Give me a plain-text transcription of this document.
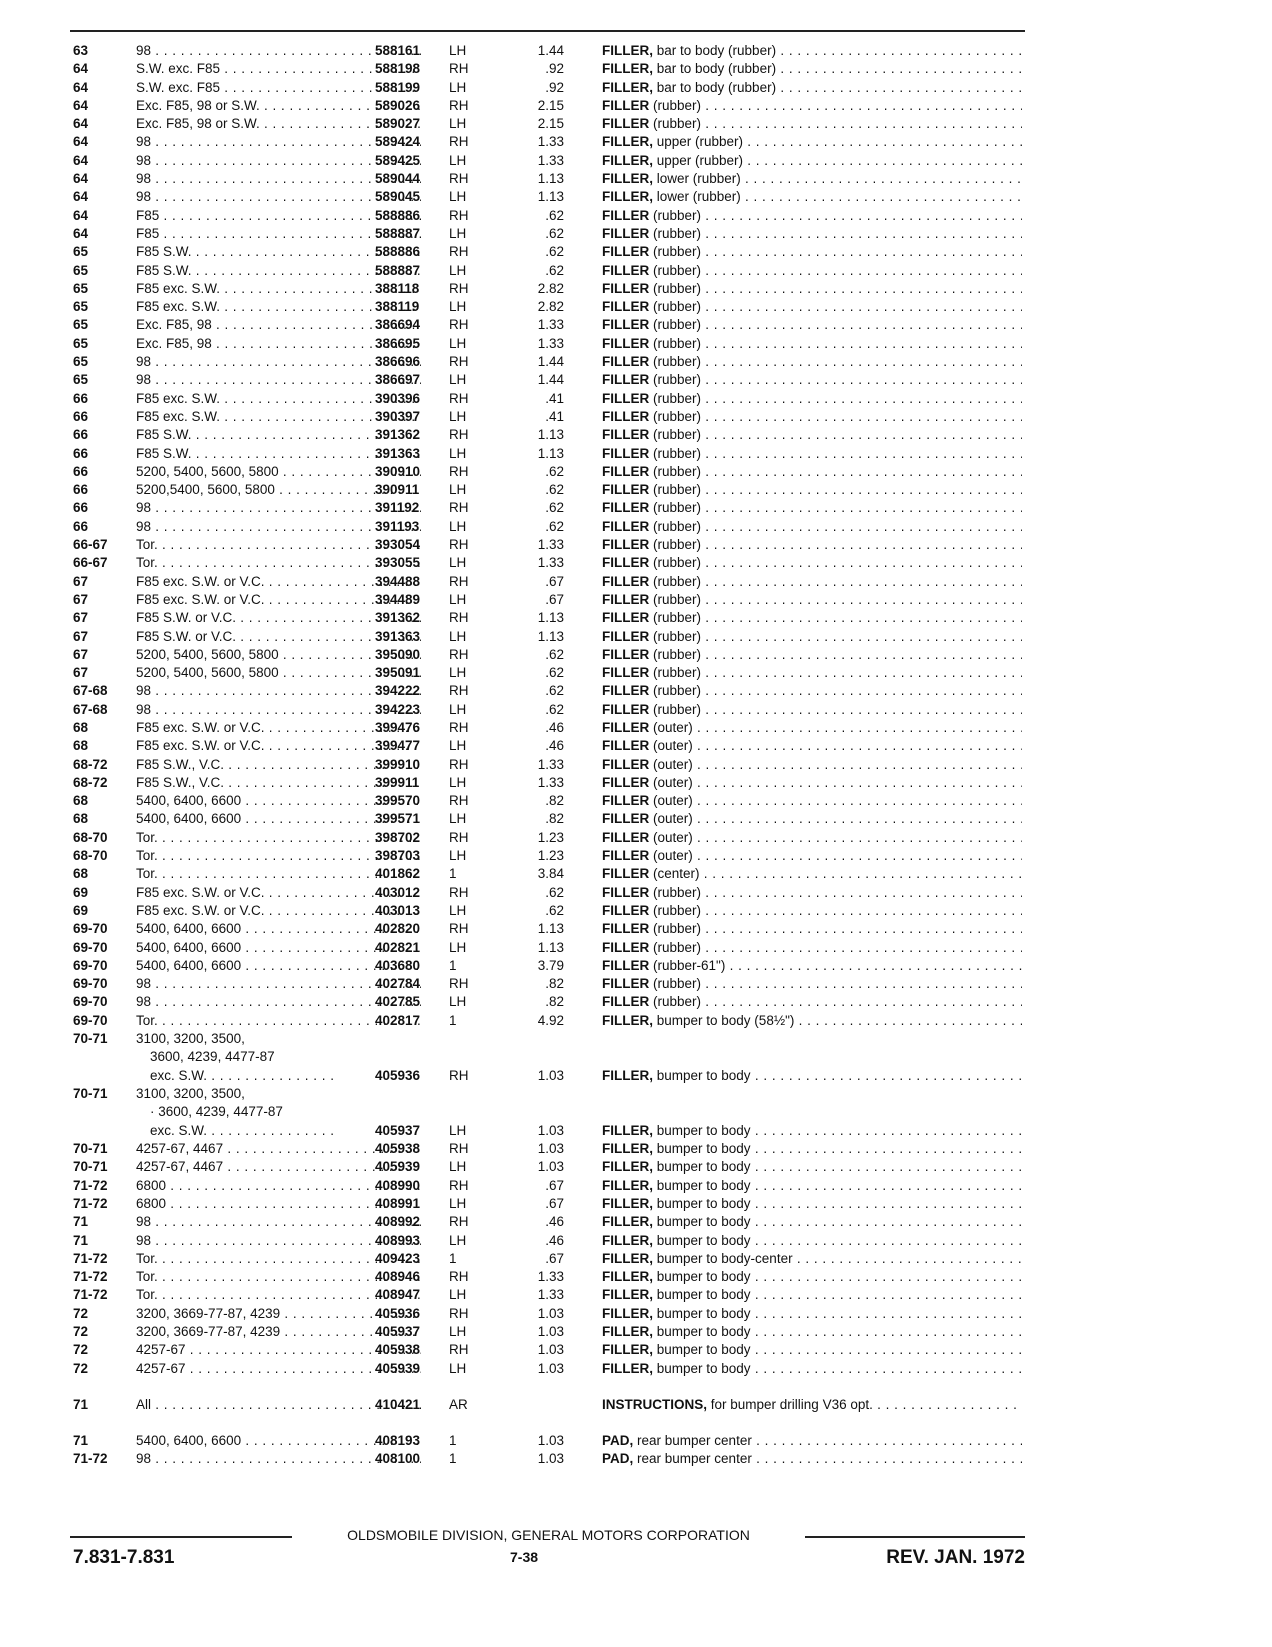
63	98 . . .	588161 LH	1.44	FILLER, bar to body (rubber) . . .
64	S.W. exc. F85 . . .	588198 RH	.92	FILLER, bar to body (rubber) . . .
64	S.W. exc. F85 . . .	588199 LH	.92	FILLER, bar to body (rubber) . . .
64	Exc. F85, 98 or S.W. . . .	589026 RH	2.15	FILLER (rubber) . . .
64	Exc. F85, 98 or S.W. . . .	589027 LH	2.15	FILLER (rubber) . . .
64	98 . . .	589424 RH	1.33	FILLER, upper (rubber) . . .
64	98 . . .	589425 LH	1.33	FILLER, upper (rubber) . . .
64	98 . . .	589044 RH	1.13	FILLER, lower (rubber) . . .
64	98 . . .	589045 LH	1.13	FILLER, lower (rubber) . . .
64	F85 . . .	588886 RH	.62	FILLER (rubber) . . .
64	F85 . . .	588887 LH	.62	FILLER (rubber) . . .
65	F85 S.W. . . .	588886 RH	.62	FILLER (rubber) . . .
65	F85 S.W. . . .	588887 LH	.62	FILLER (rubber) . . .
65	F85 exc. S.W. . . .	388118 RH	2.82	FILLER (rubber) . . .
65	F85 exc. S.W. . . .	388119 LH	2.82	FILLER (rubber) . . .
65	Exc. F85, 98 . . .	386694 RH	1.33	FILLER (rubber) . . .
65	Exc. F85, 98 . . .	386695 LH	1.33	FILLER (rubber) . . .
65	98 . . .	386696 RH	1.44	FILLER (rubber) . . .
65	98 . . .	386697 LH	1.44	FILLER (rubber) . . .
66	F85 exc. S.W. . . .	390396 RH	.41	FILLER (rubber) . . .
66	F85 exc. S.W. . . .	390397 LH	.41	FILLER (rubber) . . .
66	F85 S.W. . . .	391362 RH	1.13	FILLER (rubber) . . .
66	F85 S.W. . . .	391363 LH	1.13	FILLER (rubber) . . .
66	5200, 5400, 5600, 5800 . . .	390910 RH	.62	FILLER (rubber) . . .
66	5200,5400, 5600, 5800 . . .	390911 LH	.62	FILLER (rubber) . . .
66	98 . . .	391192 RH	.62	FILLER (rubber) . . .
66	98 . . .	391193 LH	.62	FILLER (rubber) . . .
66-67 Tor. . . .	393054 RH	1.33	FILLER (rubber) . . .
66-67 Tor. . . .	393055 LH	1.33	FILLER (rubber) . . .
67	F85 exc. S.W. or V.C. . . .	394488 RH	.67	FILLER (rubber) . . .
67	F85 exc. S.W. or V.C. . . .	394489 LH	.67	FILLER (rubber) . . .
67	F85 S.W. or V.C. . . .	391362 RH	1.13	FILLER (rubber) . . .
67	F85 S.W. or V.C. . . .	391363 LH	1.13	FILLER (rubber) . . .
67	5200, 5400, 5600, 5800 . . .	395090 RH	.62	FILLER (rubber) . . .
67	5200, 5400, 5600, 5800 . . .	395091 LH	.62	FILLER (rubber) . . .
67-68 98 . . .	394222 RH	.62	FILLER (rubber) . . .
67-68 98 . . .	394223 LH	.62	FILLER (rubber) . . .
68	F85 exc. S.W. or V.C. . . .	399476 RH	.46	FILLER (outer) . . .
68	F85 exc. S.W. or V.C. . . .	399477 LH	.46	FILLER (outer) . . .
68-72 F85 S.W., V.C. . . .	399910 RH	1.33	FILLER (outer) . . .
68-72 F85 S.W., V.C. . . .	399911 LH	1.33	FILLER (outer) . . .
68	5400, 6400, 6600 . . .	399570 RH	.82	FILLER (outer) . . .
68	5400, 6400, 6600 . . .	399571 LH	.82	FILLER (outer) . . .
68-70 Tor. . . .	398702 RH	1.23	FILLER (outer) . . .
68-70 Tor. . . .	398703 LH	1.23	FILLER (outer) . . .
68	Tor. . . .	401862 1	3.84	FILLER (center) . . .
69	F85 exc. S.W. or V.C. . . .	403012 RH	.62	FILLER (rubber) . . .
69	F85 exc. S.W. or V.C. . . .	403013 LH	.62	FILLER (rubber) . . .
69-70 5400, 6400, 6600 . . .	402820 RH	1.13	FILLER (rubber) . . .
69-70 5400, 6400, 6600 . . .	402821 LH	1.13	FILLER (rubber) . . .
69-70 5400, 6400, 6600 . . .	403680 1	3.79	FILLER (rubber-61") . . .
69-70 98 . . .	402784 RH	.82	FILLER (rubber) . . .
69-70 98 . . .	402785 LH	.82	FILLER (rubber) . . .
69-70 Tor. . . .	402817 1	4.92	FILLER, bumper to body (58½") . . .
70-71 3100, 3200, 3500,
3600, 4239, 4477-87
exc. S.W. . . .	405936 RH	1.03	FILLER, bumper to body . . .
70-71 3100, 3200, 3500,
· 3600, 4239, 4477-87
exc. S.W. . . .	405937 LH	1.03	FILLER, bumper to body . . .
70-71 4257-67, 4467 . . .	405938 RH	1.03	FILLER, bumper to body . . .
70-71 4257-67, 4467 . . .	405939 LH	1.03	FILLER, bumper to body . . .
71-72 6800 . . .	408990 RH	.67	FILLER, bumper to body . . .
71-72 6800 . . .	408991 LH	.67	FILLER, bumper to body . . .
71	98 . . .	408992 RH	.46	FILLER, bumper to body . . .
71	98 . . .	408993 LH	.46	FILLER, bumper to body . . .
71-72 Tor. . . .	409423 1	.67	FILLER, bumper to body-center . . .
71-72 Tor. . . .	408946 RH	1.33	FILLER, bumper to body . . .
71-72 Tor. . . .	408947 LH	1.33	FILLER, bumper to body . . .
72	3200, 3669-77-87, 4239 . . .	405936 RH	1.03	FILLER, bumper to body . . .
72	3200, 3669-77-87, 4239 . . .	405937 LH	1.03	FILLER, bumper to body . . .
72	4257-67 . . .	405938 RH	1.03	FILLER, bumper to body . . .
72	4257-67 . . .	405939 LH	1.03	FILLER, bumper to body . . .
71	All . . .	410421 AR	INSTRUCTIONS, for bumper drilling V36 opt. . . .
71	5400, 6400, 6600 . . .	408193 1	1.03	PAD, rear bumper center . . .
71-72 98 . . .	408100 1	1.03	PAD, rear bumper center . . .
OLDSMOBILE DIVISION, GENERAL MOTORS CORPORATION
7.831-7.831	7-38	REV. JAN. 1972
